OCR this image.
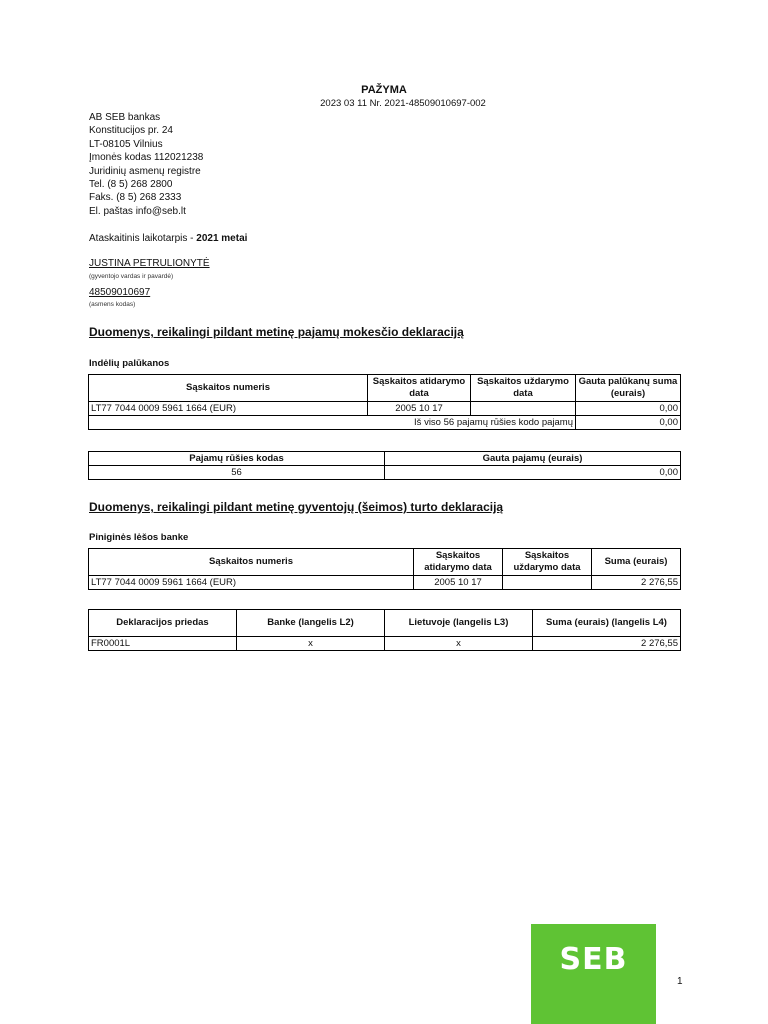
PAŽYMA
2023 03 11 Nr. 2021-48509010697-002
AB SEB bankas
Konstitucijos pr. 24
LT-08105 Vilnius
Įmonės kodas 112021238
Juridinių asmenų registre
Tel. (8 5) 268 2800
Faks. (8 5) 268 2333
El. paštas info@seb.lt
Ataskaitinis laikotarpis - 2021 metai
JUSTINA PETRULIONYTĖ
(gyventojo vardas ir pavardė)
48509010697
(asmens kodas)
Duomenys, reikalingi pildant metinę pajamų mokesčio deklaraciją
Indėlių palūkanos
Sąskaitos numeris	Sąskaitos atidarymo data	Sąskaitos uždarymo data	Gauta palūkanų suma (eurais)
LT77 7044 0009 5961 1664 (EUR)	2005 10 17		0,00
Iš viso 56 pajamų rūšies kodo pajamų			0,00
Pajamų rūšies kodas	Gauta pajamų (eurais)
56	0,00
Duomenys, reikalingi pildant metinę gyventojų (šeimos) turto deklaraciją
Piniginės lėšos banke
Sąskaitos numeris	Sąskaitos atidarymo data	Sąskaitos uždarymo data	Suma (eurais)
LT77 7044 0009 5961 1664 (EUR)	2005 10 17		2 276,55
Deklaracijos priedas	Banke (langelis L2)	Lietuvoje (langelis L3)	Suma (eurais) (langelis L4)
FR0001L	x	x	2 276,55
SEB
1
